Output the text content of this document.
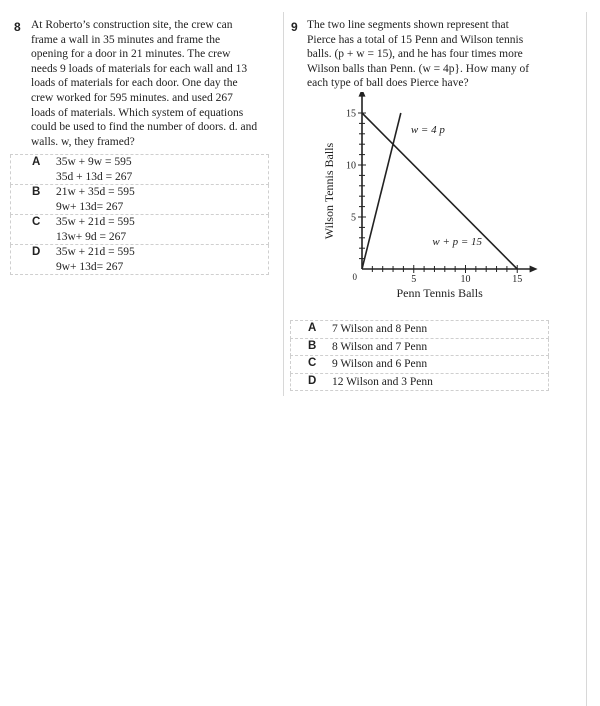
8 At Roberto’s construction site, the crew can
frame a wall in 35 minutes and frame the
opening for a door in 21 minutes. The crew
needs 9 loads of materials for each wall and 13
loads of materials for each door. One day the
crew worked for 595 minutes. and used 267
loads of materials. Which system of equations
could be used to find the number of doors. d. and
walls. w, they framed?
A 35w + 9w = 595
35d + 13d = 267
B 21w + 35d = 595
9w+ 13d= 267
C 35w + 21d = 595
13w+ 9d = 267
D 35w + 21d = 595
9w+ 13d= 267
9 The two line segments shown represent that
Pierce has a total of 15 Penn and Wilson tennis
balls. (p + w = 15), and he has four times more
Wilson balls than Penn. (w = 4p}. How many of
each type of ball does Pierce have?
5	10	15
5
10
15
0
w = 4 p
w + p = 15
Penn Tennis Balls
Wilson Tennis Balls
A 7 Wilson and 8 Penn
B 8 Wilson and 7 Penn
C 9 Wilson and 6 Penn
D 12 Wilson and 3 Penn
